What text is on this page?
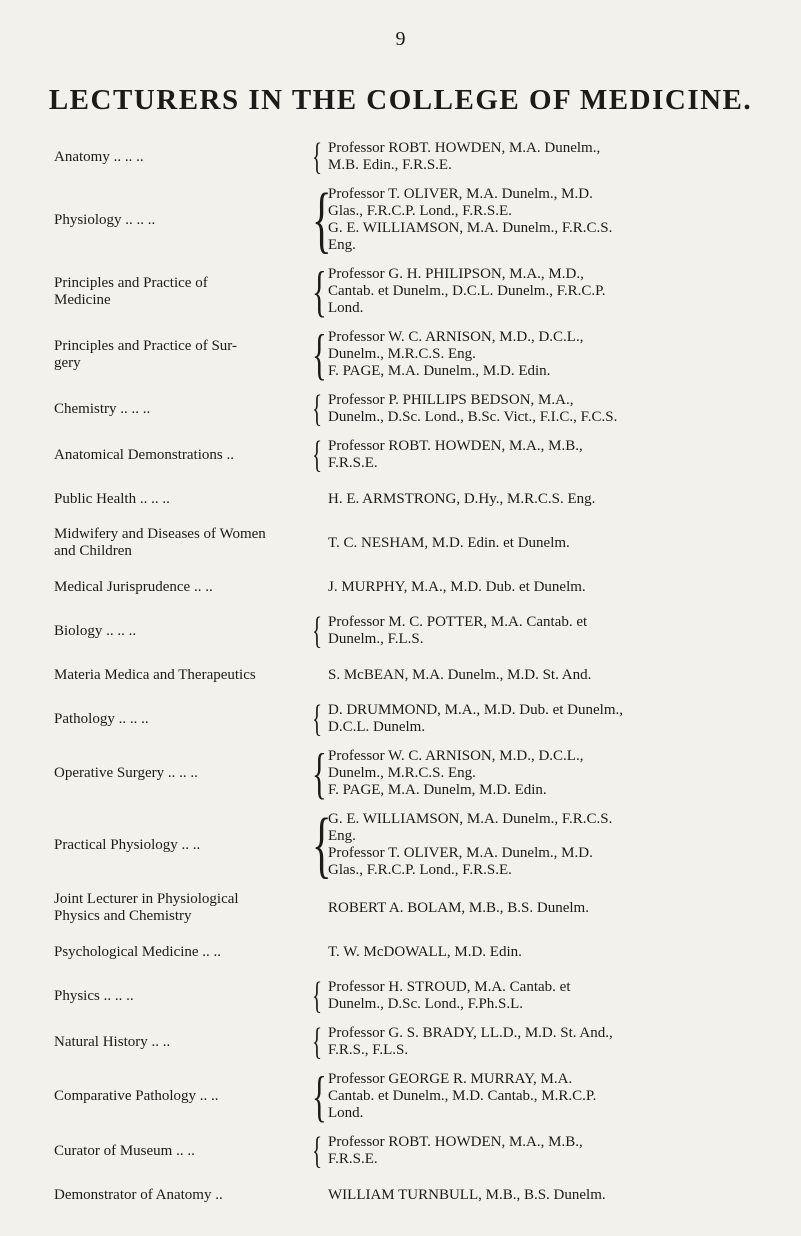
9
LECTURERS IN THE COLLEGE OF MEDICINE.
Anatomy .. .. ..	{ Professor ROBT. HOWDEN, M.A. Dunelm.,
M.B. Edin., F.R.S.E.
Physiology .. .. ..	{
Professor T. OLIVER, M.A. Dunelm., M.D.
Glas., F.R.C.P. Lond., F.R.S.E.
G. E. WILLIAMSON, M.A. Dunelm., F.R.C.S.
Eng.
Principles and Practice of
Medicine	{ Professor G. H. PHILIPSON, M.A., M.D.,
Cantab. et Dunelm., D.C.L. Dunelm., F.R.C.P.
Lond.
Principles and Practice of Sur-
gery	{ Professor W. C. ARNISON, M.D., D.C.L.,
Dunelm., M.R.C.S. Eng.
F. PAGE, M.A. Dunelm., M.D. Edin.
Chemistry .. .. ..	{ Professor P. PHILLIPS BEDSON, M.A.,
Dunelm., D.Sc. Lond., B.Sc. Vict., F.I.C., F.C.S.
Anatomical Demonstrations ..	{ Professor ROBT. HOWDEN, M.A., M.B.,
F.R.S.E.
Public Health .. .. ..	H. E. ARMSTRONG, D.Hy., M.R.C.S. Eng.
Midwifery and Diseases of Women
and Children
T. C. NESHAM, M.D. Edin. et Dunelm.
Medical Jurisprudence .. ..	J. MURPHY, M.A., M.D. Dub. et Dunelm.
Biology .. .. ..	{ Professor M. C. POTTER, M.A. Cantab. et
Dunelm., F.L.S.
Materia Medica and Therapeutics	S. McBEAN, M.A. Dunelm., M.D. St. And.
Pathology .. .. ..	{ D. DRUMMOND, M.A., M.D. Dub. et Dunelm.,
D.C.L. Dunelm.
Operative Surgery .. .. ..	{ Professor W. C. ARNISON, M.D., D.C.L.,
Dunelm., M.R.C.S. Eng.
F. PAGE, M.A. Dunelm, M.D. Edin.
Practical Physiology .. ..	{
G. E. WILLIAMSON, M.A. Dunelm., F.R.C.S.
Eng.
Professor T. OLIVER, M.A. Dunelm., M.D.
Glas., F.R.C.P. Lond., F.R.S.E.
Joint Lecturer in Physiological
Physics and Chemistry
ROBERT A. BOLAM, M.B., B.S. Dunelm.
Psychological Medicine .. ..	T. W. McDOWALL, M.D. Edin.
Physics .. .. ..	{ Professor H. STROUD, M.A. Cantab. et
Dunelm., D.Sc. Lond., F.Ph.S.L.
Natural History .. ..	{ Professor G. S. BRADY, LL.D., M.D. St. And.,
F.R.S., F.L.S.
Comparative Pathology .. ..	{ Professor GEORGE R. MURRAY, M.A.
Cantab. et Dunelm., M.D. Cantab., M.R.C.P.
Lond.
Curator of Museum .. ..	{ Professor ROBT. HOWDEN, M.A., M.B.,
F.R.S.E.
Demonstrator of Anatomy ..	WILLIAM TURNBULL, M.B., B.S. Dunelm.
